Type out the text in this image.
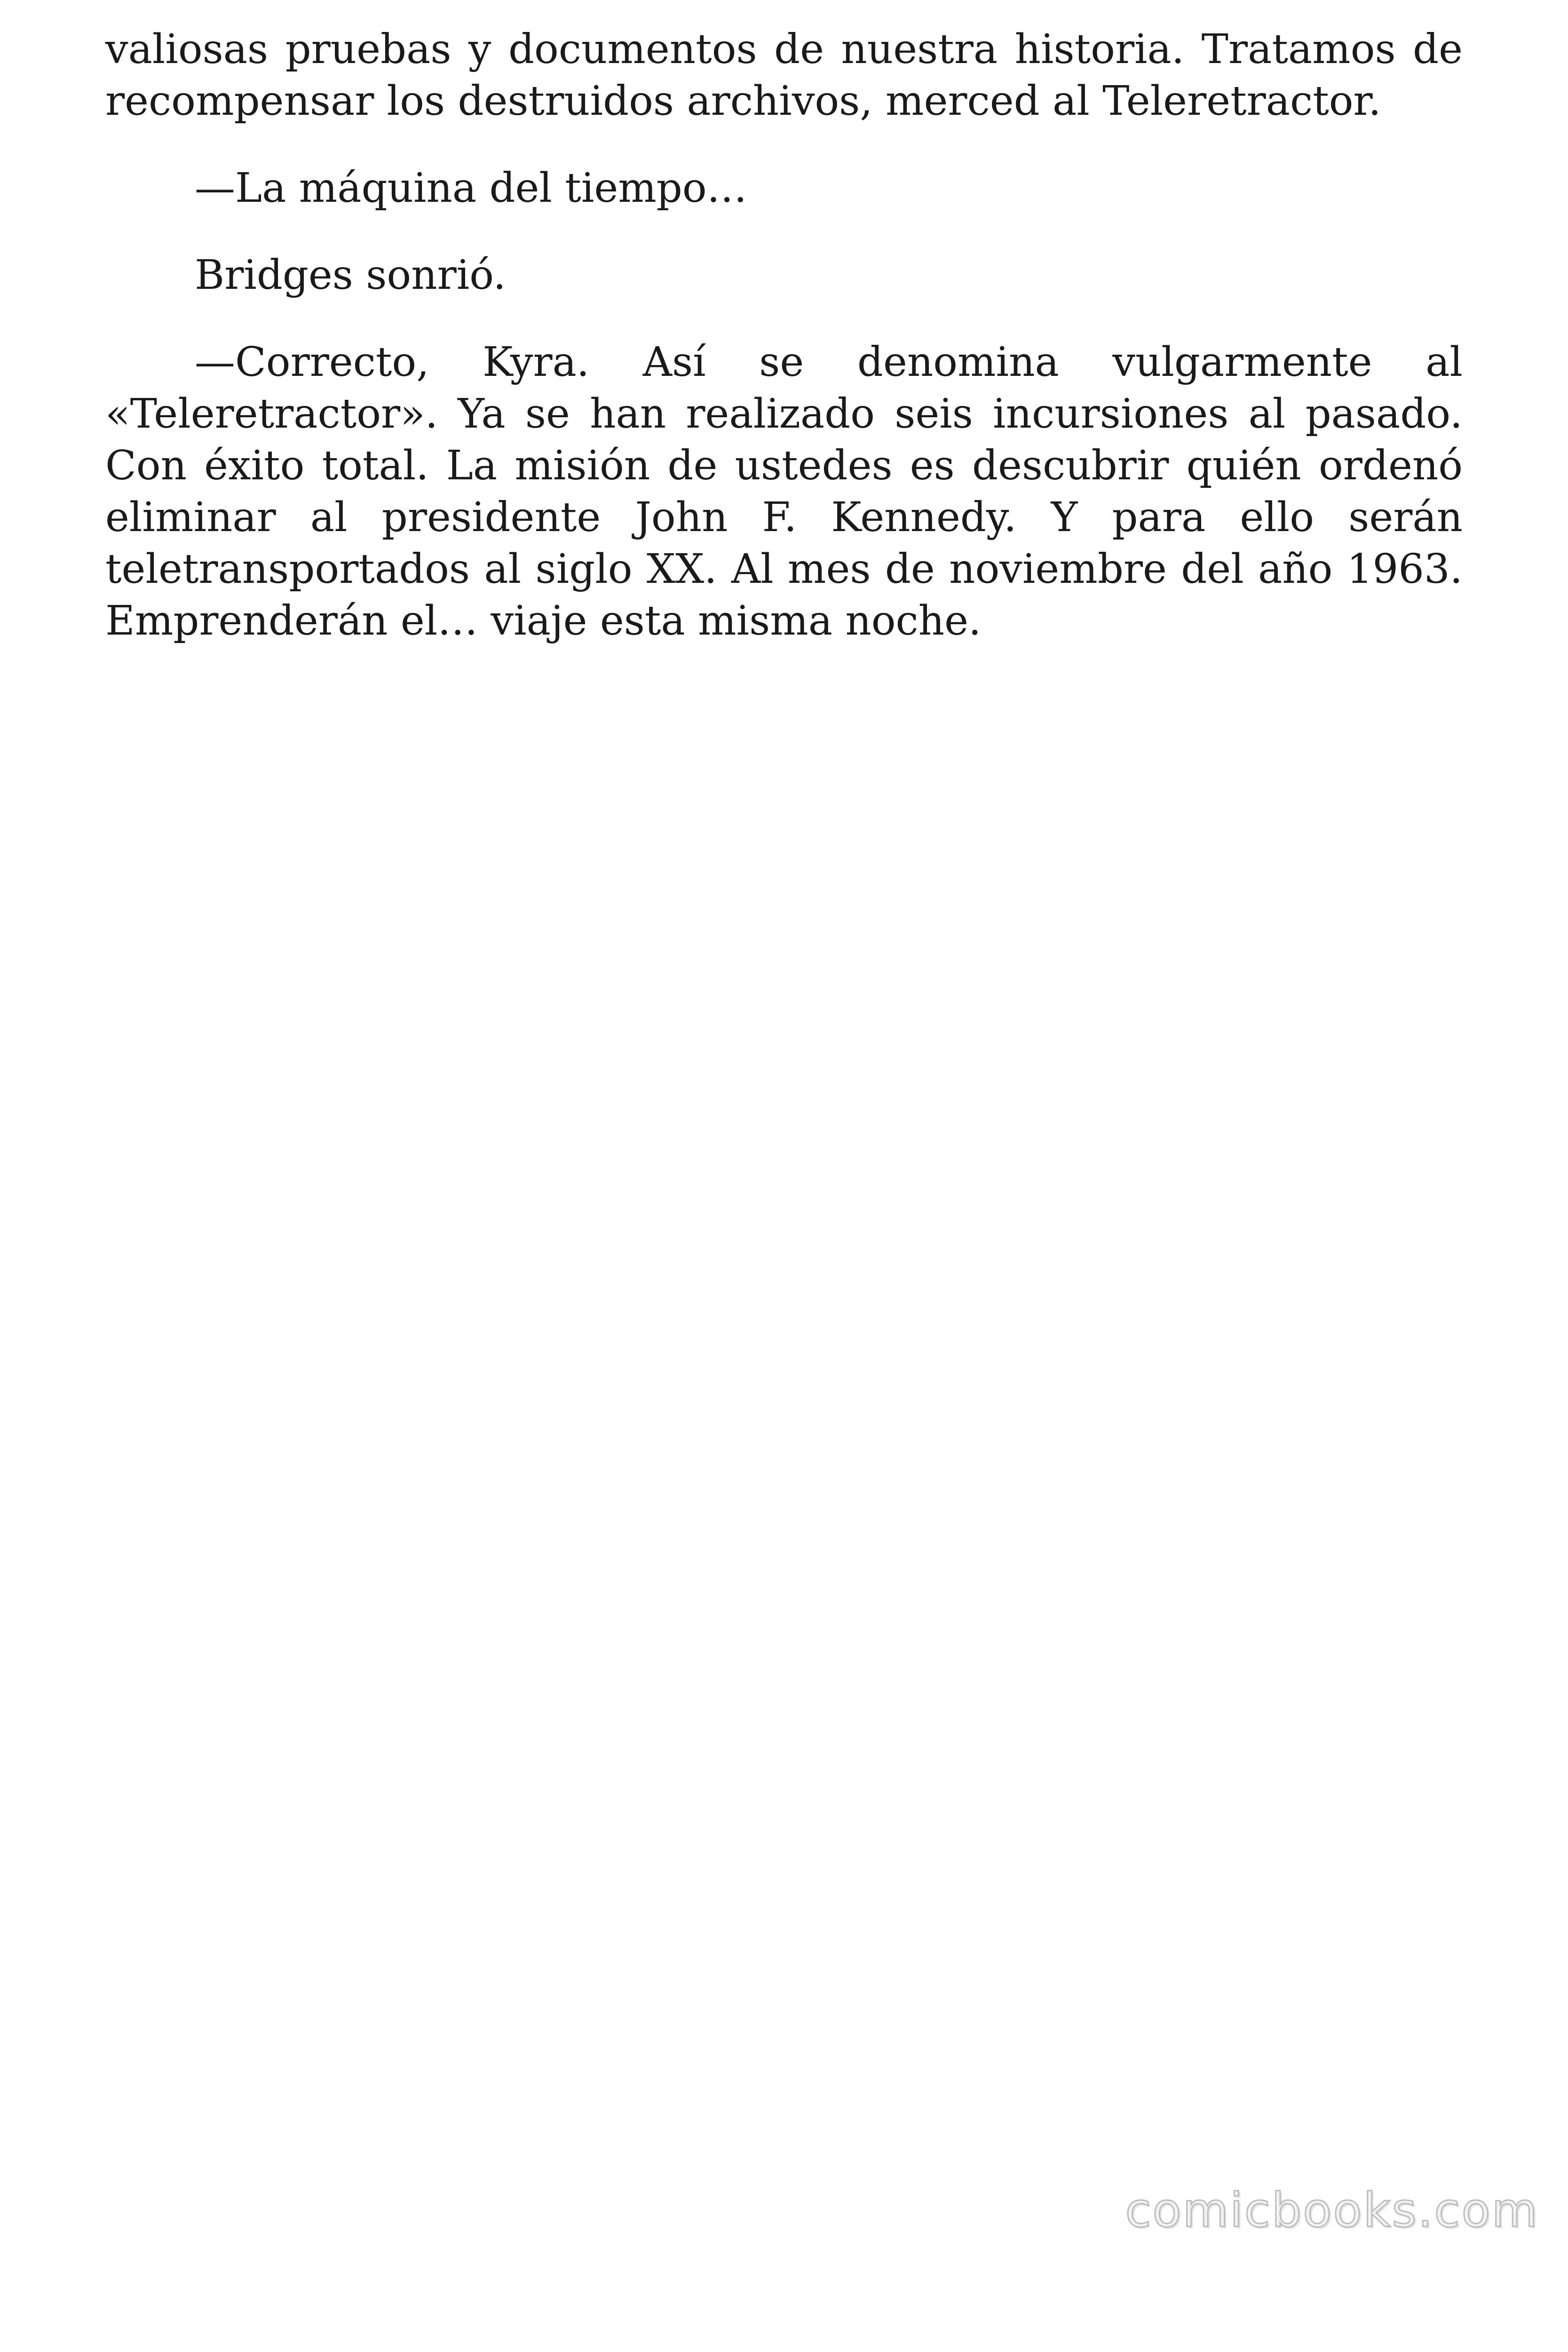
valiosas pruebas y documentos de nuestra historia. Tratamos de recompensar los destruidos archivos, merced al Teleretractor.

—La máquina del tiempo…

Bridges sonrió.

—Correcto, Kyra. Así se denomina vulgarmente al «Teleretractor». Ya se han realizado seis incursiones al pasado. Con éxito total. La misión de ustedes es descubrir quién ordenó eliminar al presidente John F. Kennedy. Y para ello serán teletransportados al siglo XX. Al mes de noviembre del año 1963. Emprenderán el… viaje esta misma noche.

comicbooks.com
